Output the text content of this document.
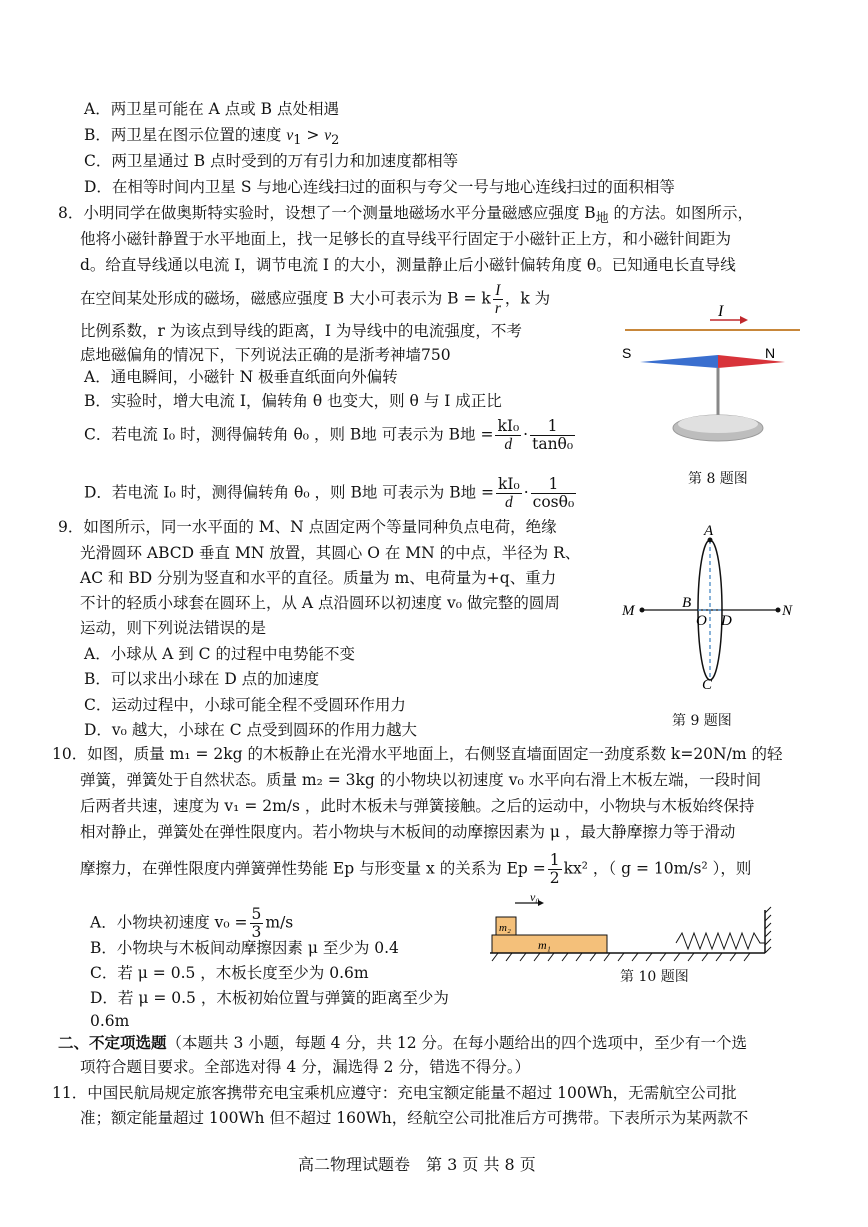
A．两卫星可能在 A 点或 B 点处相遇
B．两卫星在图示位置的速度 $v_1 > v_2$
C．两卫星通过 B 点时受到的万有引力和加速度都相等
D．在相等时间内卫星 S 与地心连线扫过的面积与夸父一号与地心连线扫过的面积相等
8．小明同学在做奥斯特实验时，设想了一个测量地磁场水平分量磁感应强度 $B_地$ 的方法。如图所示，
他将小磁针静置于水平地面上，找一足够长的直导线平行固定于小磁针正上方，和小磁针间距为
d。给直导线通以电流 I，调节电流 I 的大小，测量静止后小磁针偏转角度 θ。已知通电长直导线
在空间某处形成的磁场，磁感应强度 B 大小可表示为 B = k $\frac{I}{r}$ ，k 为
比例系数，r 为该点到导线的距离，I 为导线中的电流强度，不考
虑地磁偏角的情况下，下列说法正确的是浙考神墙750
A．通电瞬间，小磁针 N 极垂直纸面向外偏转
B．实验时，增大电流 I，偏转角 θ 也变大，则 θ 与 I 成正比
C．若电流 I₀ 时，测得偏转角 θ₀ ，则 B地 可表示为 B地 = $\frac{\text{kI₀}}{d} \cdot \frac{1}{\text{tanθ₀}}$
D．若电流 I₀ 时，测得偏转角 θ₀ ，则 B地 可表示为 B地 = $\frac{\text{kI₀}}{d} \cdot \frac{1}{\text{cosθ₀}}$
I
S	N
第 8 题图
9．如图所示，同一水平面的 M、N 点固定两个等量同种负点电荷，绝缘
光滑圆环 ABCD 垂直 MN 放置，其圆心 O 在 MN 的中点，半径为 R、
AC 和 BD 分别为竖直和水平的直径。质量为 m、电荷量为+q、重力
不计的轻质小球套在圆环上，从 A 点沿圆环以初速度 v₀ 做完整的圆周
运动，则下列说法错误的是
A．小球从 A 到 C 的过程中电势能不变
B．可以求出小球在 D 点的加速度
C．运动过程中，小球可能全程不受圆环作用力
D．v₀ 越大，小球在 C 点受到圆环的作用力越大
A
B
C
D
O
M	N
第 9 题图
10．如图，质量 m₁ = 2kg 的木板静止在光滑水平地面上，右侧竖直墙面固定一劲度系数 k=20N/m 的轻
弹簧，弹簧处于自然状态。质量 m₂ = 3kg 的小物块以初速度 v₀ 水平向右滑上木板左端，一段时间
后两者共速，速度为 v₁ = 2m/s ，此时木板未与弹簧接触。之后的运动中，小物块与木板始终保持
相对静止，弹簧处在弹性限度内。若小物块与木板间的动摩擦因素为 μ ，最大静摩擦力等于滑动
摩擦力，在弹性限度内弹簧弹性势能 Ep 与形变量 x 的关系为 $Ep = \frac{1}{2} kx^2$ ，（ g = 10m/s² ），则
A．小物块初速度 $v_0 = \frac{5}{3} m/s$
B．小物块与木板间动摩擦因素 μ 至少为 0.4
C．若 μ = 0.5 ，木板长度至少为 0.6m
D．若 μ = 0.5 ，木板初始位置与弹簧的距离至少为
0.6m
v₀
m₂
m₁
第 10 题图
二、不定项选题（本题共 3 小题，每题 4 分，共 12 分。在每小题给出的四个选项中，至少有一个选
项符合题目要求。全部选对得 4 分，漏选得 2 分，错选不得分。）
11．中国民航局规定旅客携带充电宝乘机应遵守：充电宝额定能量不超过 100Wh，无需航空公司批
准；额定能量超过 100Wh 但不超过 160Wh，经航空公司批准后方可携带。下表所示为某两款不
高二物理试题卷　第 3 页 共 8 页
